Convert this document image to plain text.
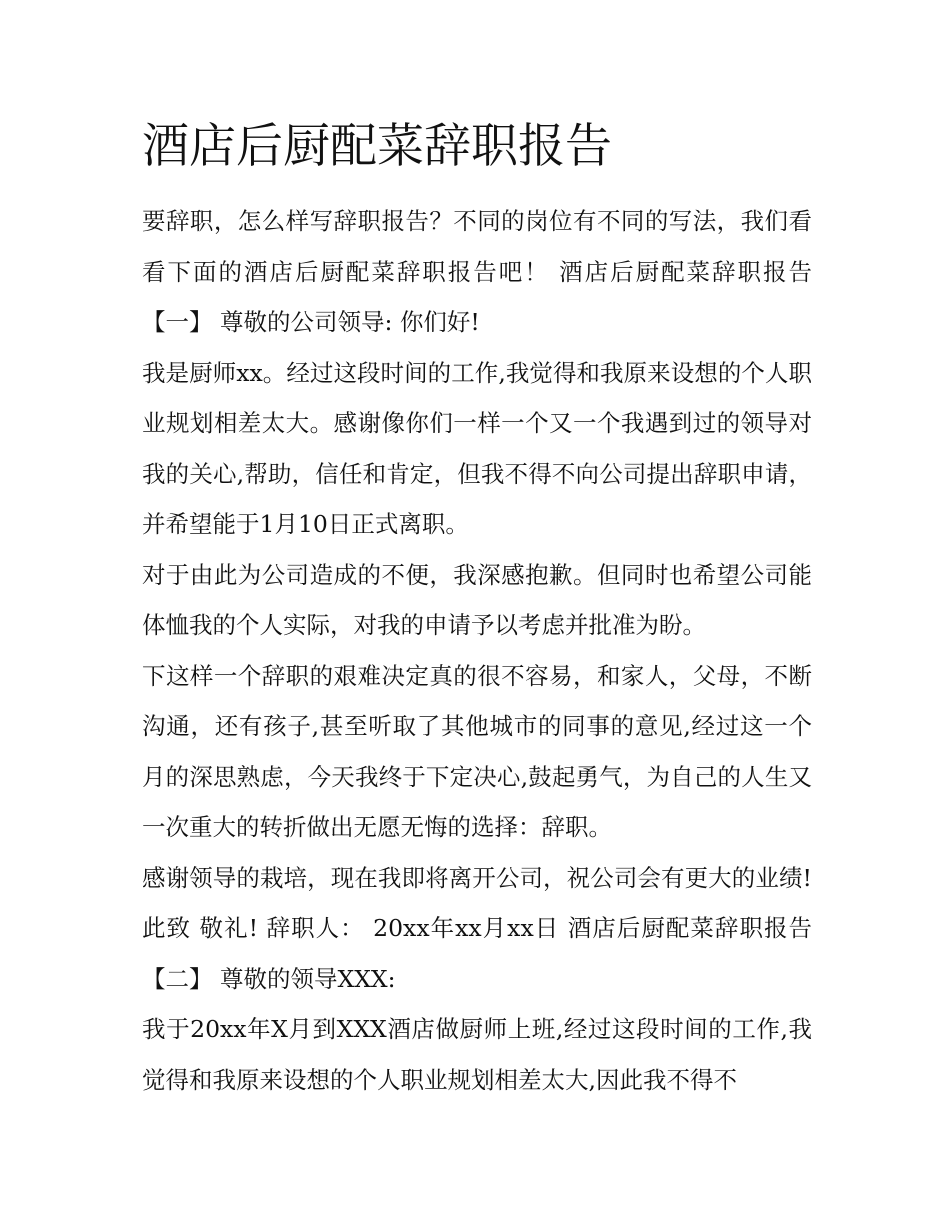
酒店后厨配菜辞职报告

要辞职，怎么样写辞职报告？不同的岗位有不同的写法，我们看看下面的酒店后厨配菜辞职报告吧！ 酒店后厨配菜辞职报告【一】 尊敬的公司领导: 你们好!

我是厨师xx。经过这段时间的工作,我觉得和我原来设想的个人职业规划相差太大。感谢像你们一样一个又一个我遇到过的领导对我的关心,帮助，信任和肯定，但我不得不向公司提出辞职申请，并希望能于1月10日正式离职。

对于由此为公司造成的不便，我深感抱歉。但同时也希望公司能体恤我的个人实际，对我的申请予以考虑并批准为盼。

下这样一个辞职的艰难决定真的很不容易，和家人，父母，不断沟通，还有孩子,甚至听取了其他城市的同事的意见,经过这一个月的深思熟虑，今天我终于下定决心,鼓起勇气，为自己的人生又一次重大的转折做出无愿无悔的选择：辞职。

感谢领导的栽培，现在我即将离开公司，祝公司会有更大的业绩! 此致 敬礼! 辞职人： 20xx年xx月xx日 酒店后厨配菜辞职报告【二】 尊敬的领导XXX:

我于20xx年X月到XXX酒店做厨师上班,经过这段时间的工作,我觉得和我原来设想的个人职业规划相差太大,因此我不得不
